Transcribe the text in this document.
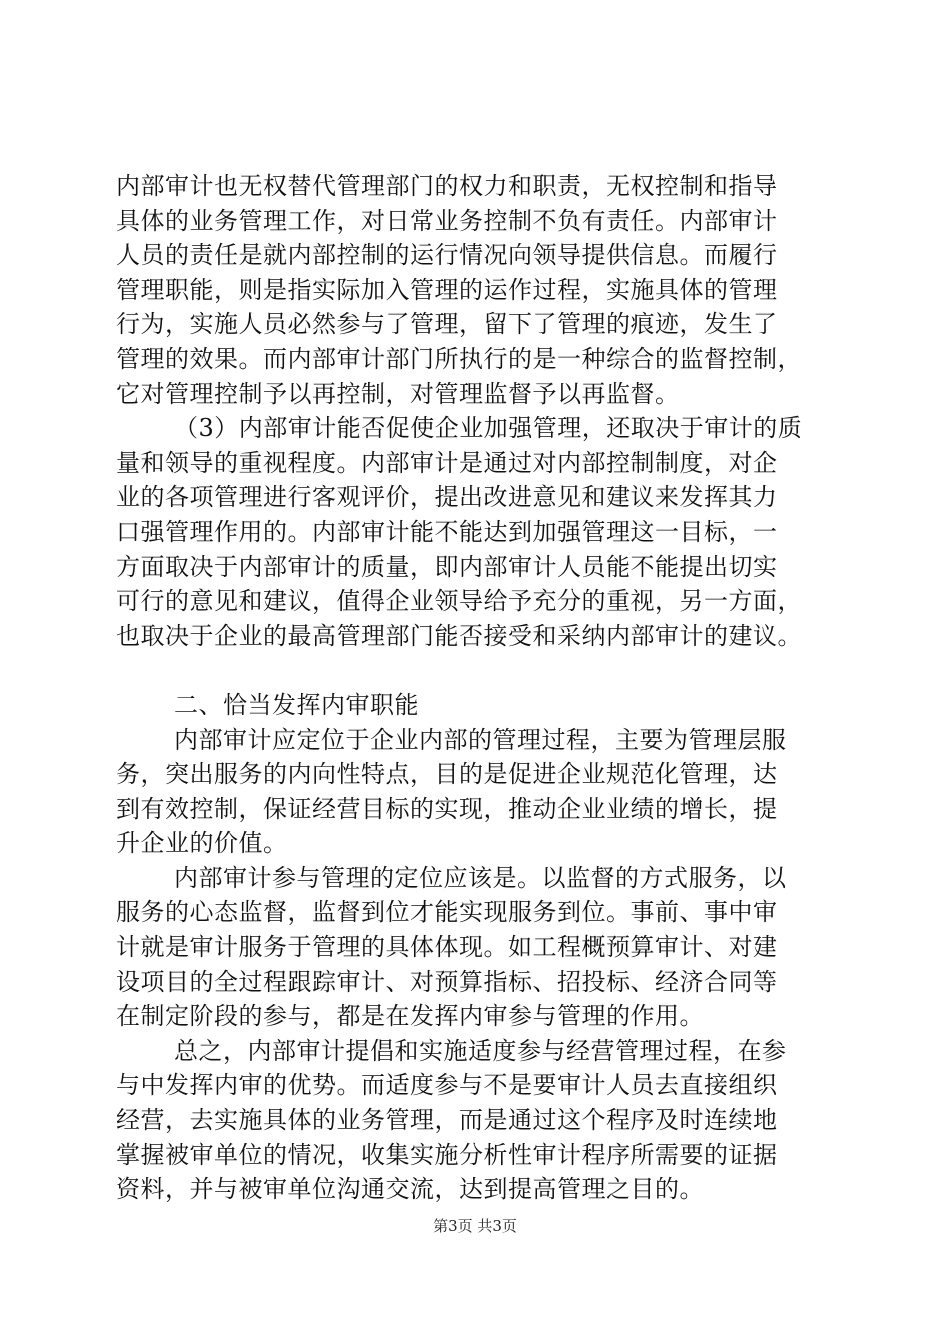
内部审计也无权替代管理部门的权力和职责，无权控制和指导
具体的业务管理工作，对日常业务控制不负有责任。内部审计
人员的责任是就内部控制的运行情况向领导提供信息。而履行
管理职能，则是指实际加入管理的运作过程，实施具体的管理
行为，实施人员必然参与了管理，留下了管理的痕迹，发生了
管理的效果。而内部审计部门所执行的是一种综合的监督控制，
它对管理控制予以再控制，对管理监督予以再监督。
（3）内部审计能否促使企业加强管理，还取决于审计的质
量和领导的重视程度。内部审计是通过对内部控制制度，对企
业的各项管理进行客观评价，提出改进意见和建议来发挥其力
口强管理作用的。内部审计能不能达到加强管理这一目标，一
方面取决于内部审计的质量，即内部审计人员能不能提出切实
可行的意见和建议，值得企业领导给予充分的重视，另一方面，
也取决于企业的最高管理部门能否接受和采纳内部审计的建议。
二、恰当发挥内审职能
内部审计应定位于企业内部的管理过程，主要为管理层服
务，突出服务的内向性特点，目的是促进企业规范化管理，达
到有效控制，保证经营目标的实现，推动企业业绩的增长，提
升企业的价值。
内部审计参与管理的定位应该是。以监督的方式服务，以
服务的心态监督，监督到位才能实现服务到位。事前、事中审
计就是审计服务于管理的具体体现。如工程概预算审计、对建
设项目的全过程跟踪审计、对预算指标、招投标、经济合同等
在制定阶段的参与，都是在发挥内审参与管理的作用。
总之，内部审计提倡和实施适度参与经营管理过程，在参
与中发挥内审的优势。而适度参与不是要审计人员去直接组织
经营，去实施具体的业务管理，而是通过这个程序及时连续地
掌握被审单位的情况，收集实施分析性审计程序所需要的证据
资料，并与被审单位沟通交流，达到提高管理之目的。
第3页 共3页
